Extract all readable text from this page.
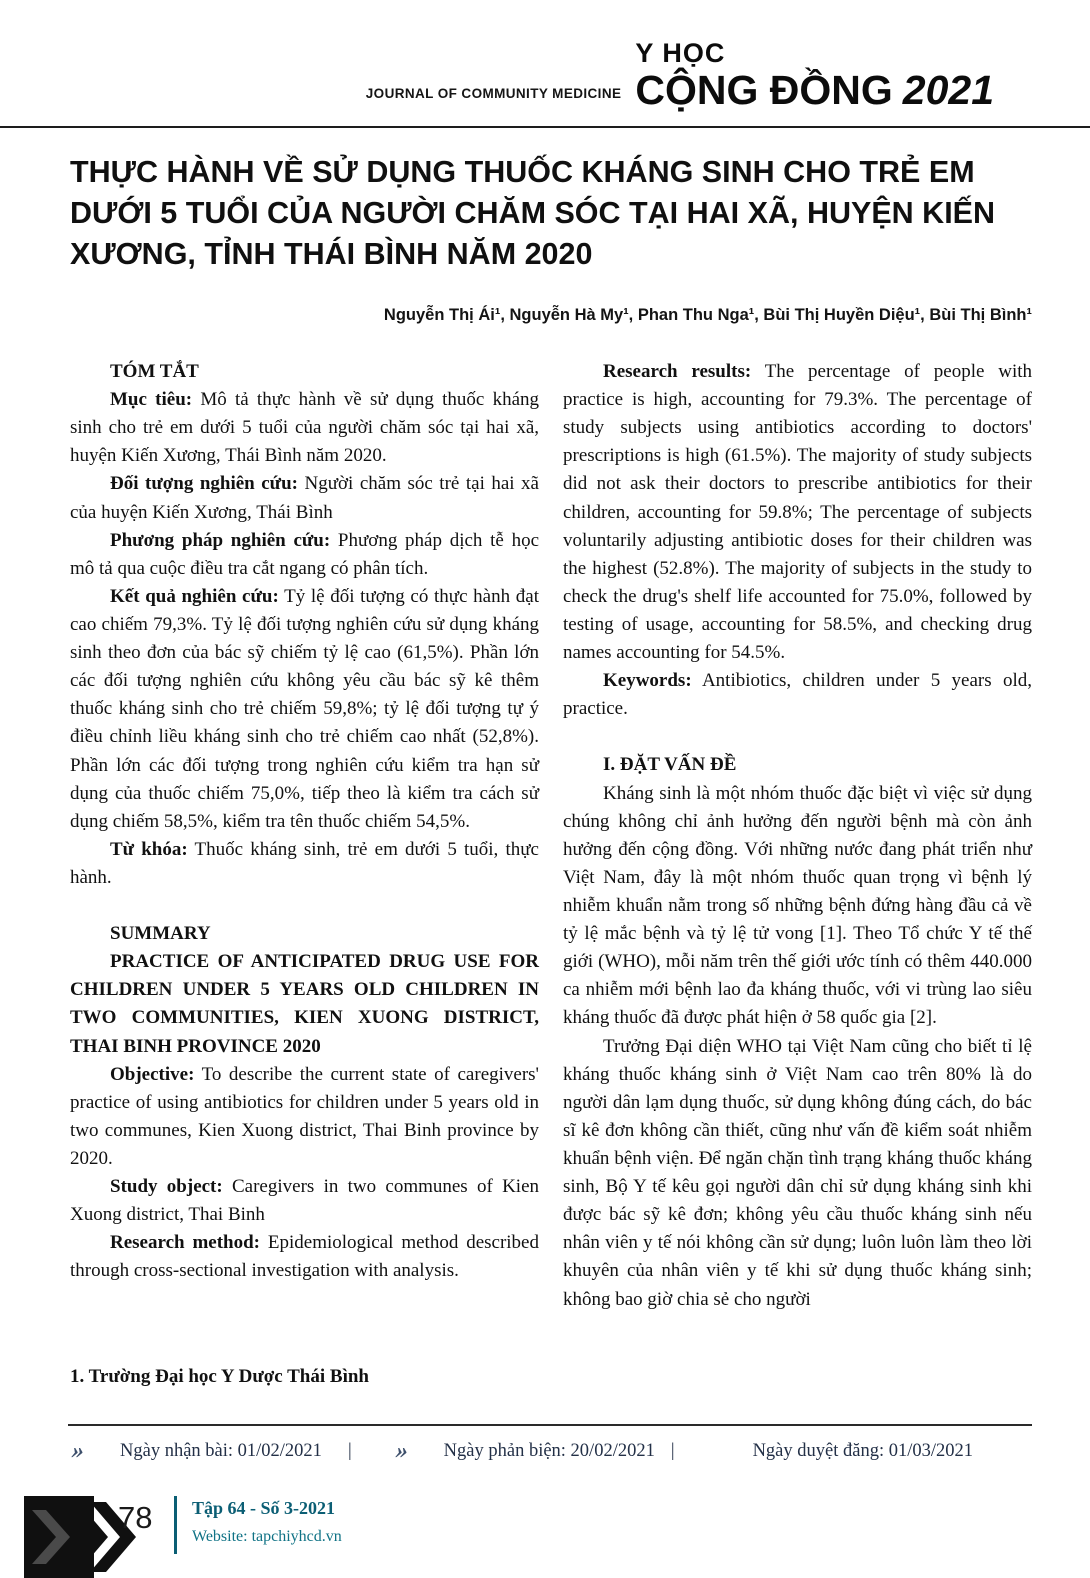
JOURNAL OF COMMUNITY MEDICINE
Y HỌC
CỘNG ĐỒNG 2021
THỰC HÀNH VỀ SỬ DỤNG THUỐC KHÁNG SINH CHO TRẺ EM DƯỚI 5 TUỔI CỦA NGƯỜI CHĂM SÓC TẠI HAI XÃ, HUYỆN KIẾN XƯƠNG, TỈNH THÁI BÌNH NĂM 2020
Nguyễn Thị Ái¹, Nguyễn Hà My¹, Phan Thu Nga¹, Bùi Thị Huyền Diệu¹, Bùi Thị Bình¹
TÓM TẮT

Mục tiêu: Mô tả thực hành về sử dụng thuốc kháng sinh cho trẻ em dưới 5 tuổi của người chăm sóc tại hai xã, huyện Kiến Xương, Thái Bình năm 2020.

Đối tượng nghiên cứu: Người chăm sóc trẻ tại hai xã của huyện Kiến Xương, Thái Bình

Phương pháp nghiên cứu: Phương pháp dịch tễ học mô tả qua cuộc điều tra cắt ngang có phân tích.

Kết quả nghiên cứu: Tỷ lệ đối tượng có thực hành đạt cao chiếm 79,3%. Tỷ lệ đối tượng nghiên cứu sử dụng kháng sinh theo đơn của bác sỹ chiếm tỷ lệ cao (61,5%). Phần lớn các đối tượng nghiên cứu không yêu cầu bác sỹ kê thêm thuốc kháng sinh cho trẻ chiếm 59,8%; tỷ lệ đối tượng tự ý điều chỉnh liều kháng sinh cho trẻ chiếm cao nhất (52,8%). Phần lớn các đối tượng trong nghiên cứu kiểm tra hạn sử dụng của thuốc chiếm 75,0%, tiếp theo là kiểm tra cách sử dụng chiếm 58,5%, kiểm tra tên thuốc chiếm 54,5%.

Từ khóa: Thuốc kháng sinh, trẻ em dưới 5 tuổi, thực hành.

SUMMARY

PRACTICE OF ANTICIPATED DRUG USE FOR CHILDREN UNDER 5 YEARS OLD CHILDREN IN TWO COMMUNITIES, KIEN XUONG DISTRICT, THAI BINH PROVINCE 2020

Objective: To describe the current state of caregivers' practice of using antibiotics for children under 5 years old in two communes, Kien Xuong district, Thai Binh province by 2020.

Study object: Caregivers in two communes of Kien Xuong district, Thai Binh

Research method: Epidemiological method described through cross-sectional investigation with analysis.

Research results: The percentage of people with practice is high, accounting for 79.3%. The percentage of study subjects using antibiotics according to doctors' prescriptions is high (61.5%). The majority of study subjects did not ask their doctors to prescribe antibiotics for their children, accounting for 59.8%; The percentage of subjects voluntarily adjusting antibiotic doses for their children was the highest (52.8%). The majority of subjects in the study to check the drug's shelf life accounted for 75.0%, followed by testing of usage, accounting for 58.5%, and checking drug names accounting for 54.5%.

Keywords: Antibiotics, children under 5 years old, practice.

I. ĐẶT VẤN ĐỀ

Kháng sinh là một nhóm thuốc đặc biệt vì việc sử dụng chúng không chỉ ảnh hưởng đến người bệnh mà còn ảnh hưởng đến cộng đồng. Với những nước đang phát triển như Việt Nam, đây là một nhóm thuốc quan trọng vì bệnh lý nhiễm khuẩn nằm trong số những bệnh đứng hàng đầu cả về tỷ lệ mắc bệnh và tỷ lệ tử vong [1]. Theo Tổ chức Y tế thế giới (WHO), mỗi năm trên thế giới ước tính có thêm 440.000 ca nhiễm mới bệnh lao đa kháng thuốc, với vi trùng lao siêu kháng thuốc đã được phát hiện ở 58 quốc gia [2].

Trưởng Đại diện WHO tại Việt Nam cũng cho biết tỉ lệ kháng thuốc kháng sinh ở Việt Nam cao trên 80% là do người dân lạm dụng thuốc, sử dụng không đúng cách, do bác sĩ kê đơn không cần thiết, cũng như vấn đề kiểm soát nhiễm khuẩn bệnh viện. Để ngăn chặn tình trạng kháng thuốc kháng sinh, Bộ Y tế kêu gọi người dân chỉ sử dụng kháng sinh khi được bác sỹ kê đơn; không yêu cầu thuốc kháng sinh nếu nhân viên y tế nói không cần sử dụng; luôn luôn làm theo lời khuyên của nhân viên y tế khi sử dụng thuốc kháng sinh; không bao giờ chia sẻ cho người

1. Trường Đại học Y Dược Thái Bình
» Ngày nhận bài: 01/02/2021 | » Ngày phản biện: 20/02/2021 |	Ngày duyệt đăng: 01/03/2021
78 Tập 64 - Số 3-2021
Website: tapchiyhcd.vn
